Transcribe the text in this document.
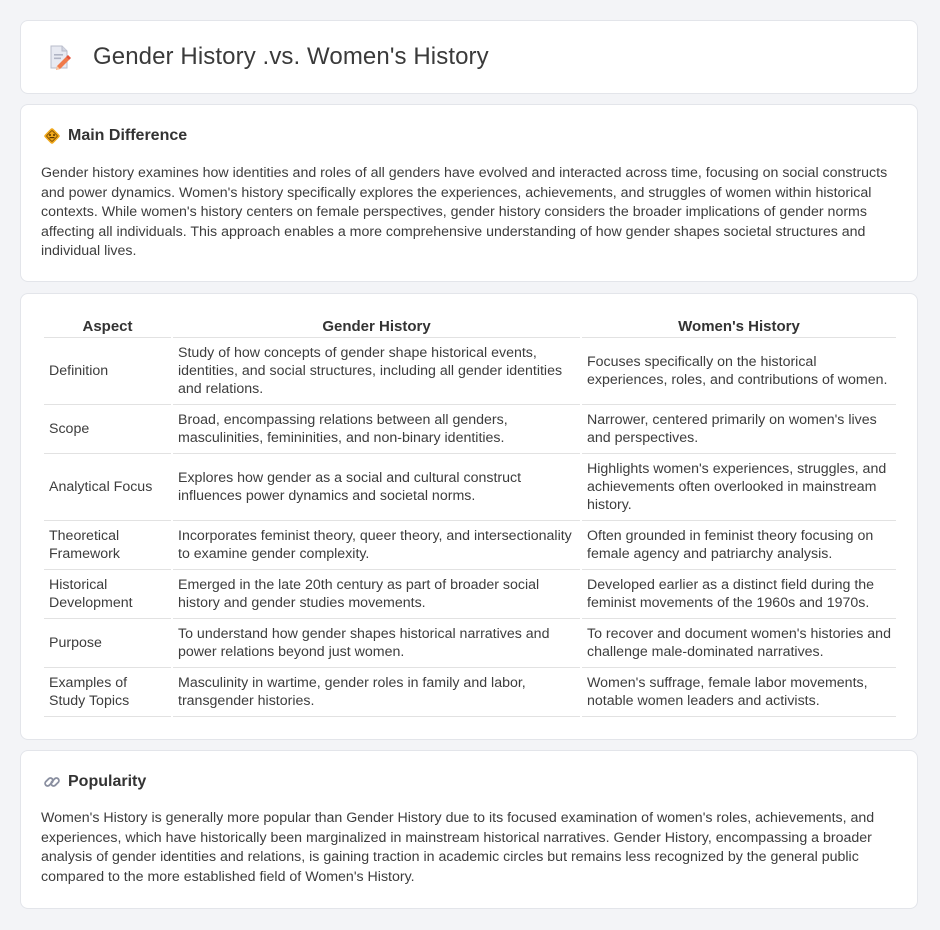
Gender History .vs. Women's History
Main Difference
Gender history examines how identities and roles of all genders have evolved and interacted across time, focusing on social constructs and power dynamics. Women's history specifically explores the experiences, achievements, and struggles of women within historical contexts. While women's history centers on female perspectives, gender history considers the broader implications of gender norms affecting all individuals. This approach enables a more comprehensive understanding of how gender shapes societal structures and individual lives.
Aspect	Gender History	Women's History
Definition	Study of how concepts of gender shape historical events, identities, and social structures, including all gender identities and relations.	Focuses specifically on the historical experiences, roles, and contributions of women.
Scope	Broad, encompassing relations between all genders, masculinities, femininities, and non-binary identities.	Narrower, centered primarily on women's lives and perspectives.
Analytical Focus	Explores how gender as a social and cultural construct influences power dynamics and societal norms.	Highlights women's experiences, struggles, and achievements often overlooked in mainstream history.
Theoretical Framework	Incorporates feminist theory, queer theory, and intersectionality to examine gender complexity.	Often grounded in feminist theory focusing on female agency and patriarchy analysis.
Historical Development	Emerged in the late 20th century as part of broader social history and gender studies movements.	Developed earlier as a distinct field during the feminist movements of the 1960s and 1970s.
Purpose	To understand how gender shapes historical narratives and power relations beyond just women.	To recover and document women's histories and challenge male-dominated narratives.
Examples of Study Topics	Masculinity in wartime, gender roles in family and labor, transgender histories.	Women's suffrage, female labor movements, notable women leaders and activists.
Popularity
Women's History is generally more popular than Gender History due to its focused examination of women's roles, achievements, and experiences, which have historically been marginalized in mainstream historical narratives. Gender History, encompassing a broader analysis of gender identities and relations, is gaining traction in academic circles but remains less recognized by the general public compared to the more established field of Women's History.
